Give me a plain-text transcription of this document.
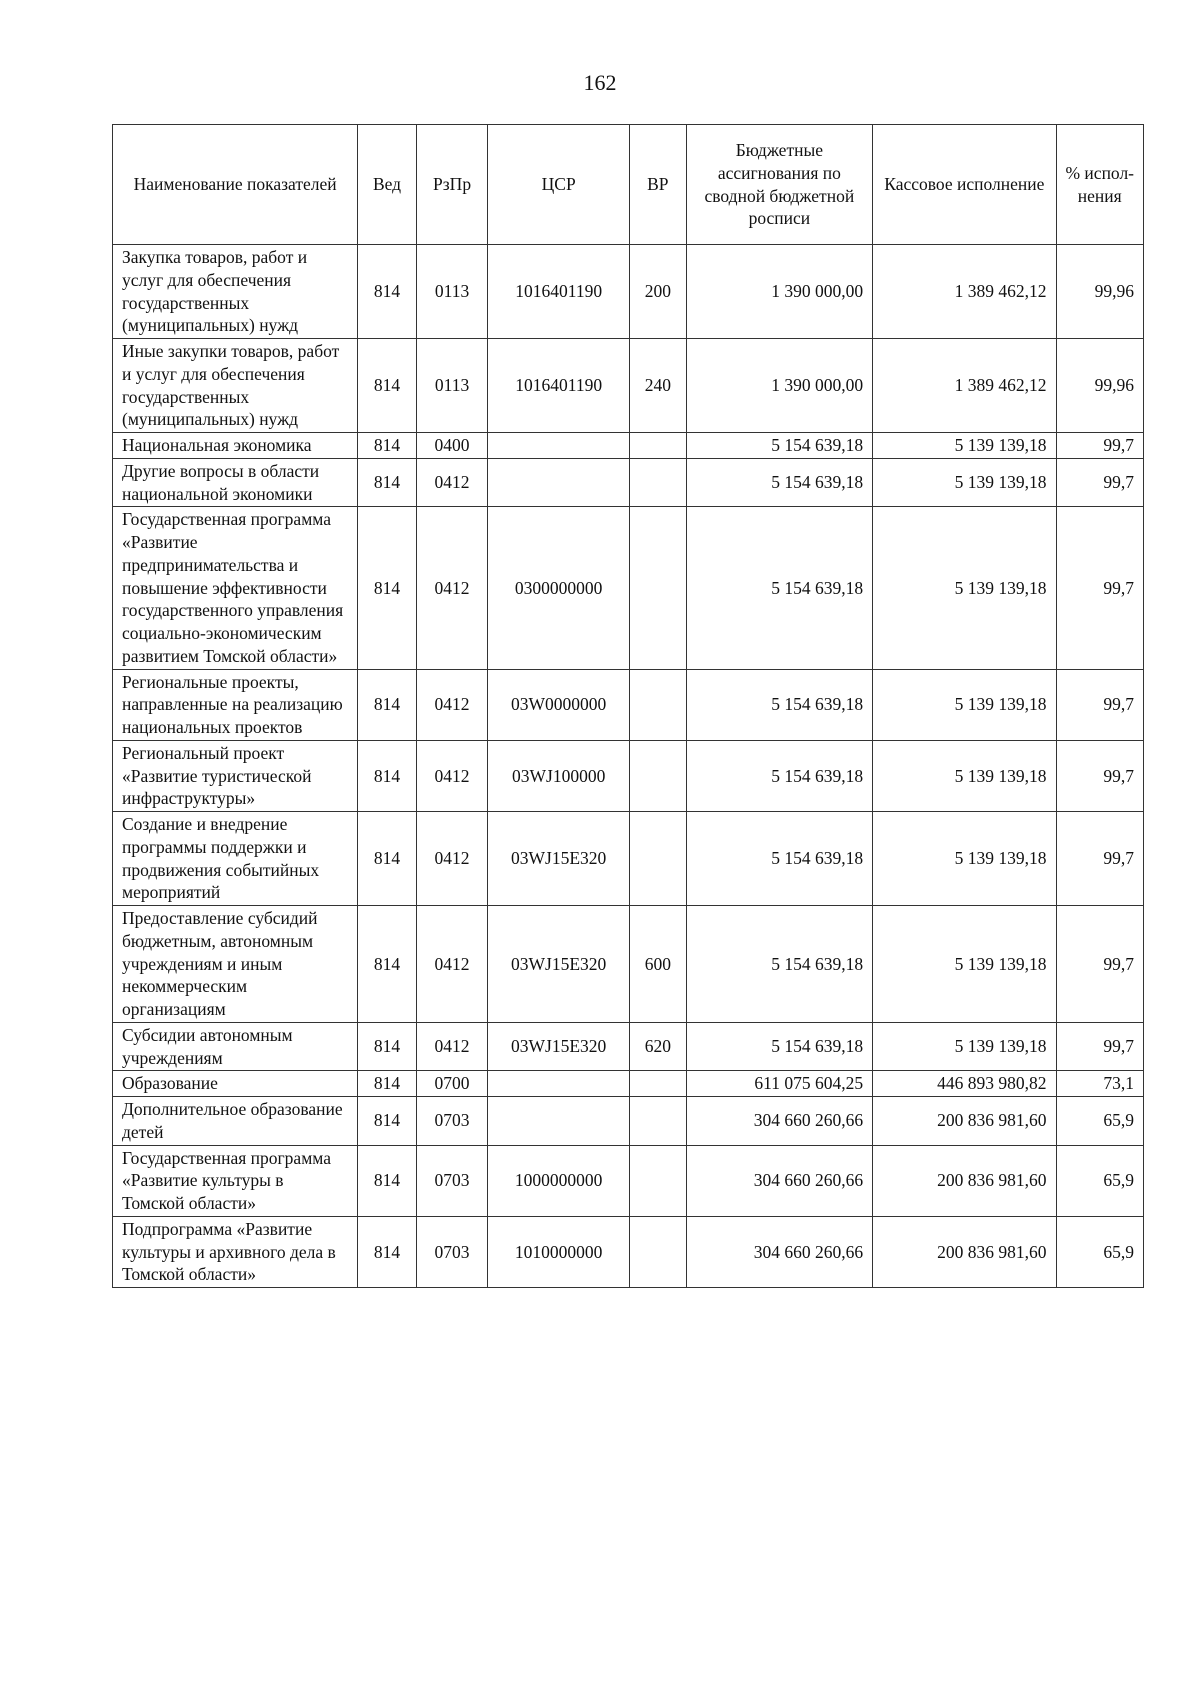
162
Наименование показателей	Вед	РзПр	ЦСР	ВР	Бюджетные ассигнования по сводной бюджетной росписи	Кассовое исполнение	% испол-нения
Закупка товаров, работ и услуг для обеспечения государственных (муниципальных) нужд	814	0113	1016401190	200	1 390 000,00	1 389 462,12	99,96
Иные закупки товаров, работ и услуг для обеспечения государственных (муниципальных) нужд	814	0113	1016401190	240	1 390 000,00	1 389 462,12	99,96
Национальная экономика	814	0400			5 154 639,18	5 139 139,18	99,7
Другие вопросы в области национальной экономики	814	0412			5 154 639,18	5 139 139,18	99,7
Государственная программа «Развитие предпринимательства и повышение эффективности государственного управления социально-экономическим развитием Томской области»	814	0412	0300000000		5 154 639,18	5 139 139,18	99,7
Региональные проекты, направленные на реализацию национальных проектов	814	0412	03W0000000		5 154 639,18	5 139 139,18	99,7
Региональный проект «Развитие туристической инфраструктуры»	814	0412	03WJ100000		5 154 639,18	5 139 139,18	99,7
Создание и внедрение программы поддержки и продвижения событийных мероприятий	814	0412	03WJ15E320		5 154 639,18	5 139 139,18	99,7
Предоставление субсидий бюджетным, автономным учреждениям и иным некоммерческим организациям	814	0412	03WJ15E320	600	5 154 639,18	5 139 139,18	99,7
Субсидии автономным учреждениям	814	0412	03WJ15E320	620	5 154 639,18	5 139 139,18	99,7
Образование	814	0700			611 075 604,25	446 893 980,82	73,1
Дополнительное образование детей	814	0703			304 660 260,66	200 836 981,60	65,9
Государственная программа «Развитие культуры в Томской области»	814	0703	1000000000		304 660 260,66	200 836 981,60	65,9
Подпрограмма «Развитие культуры и архивного дела в Томской области»	814	0703	1010000000		304 660 260,66	200 836 981,60	65,9
